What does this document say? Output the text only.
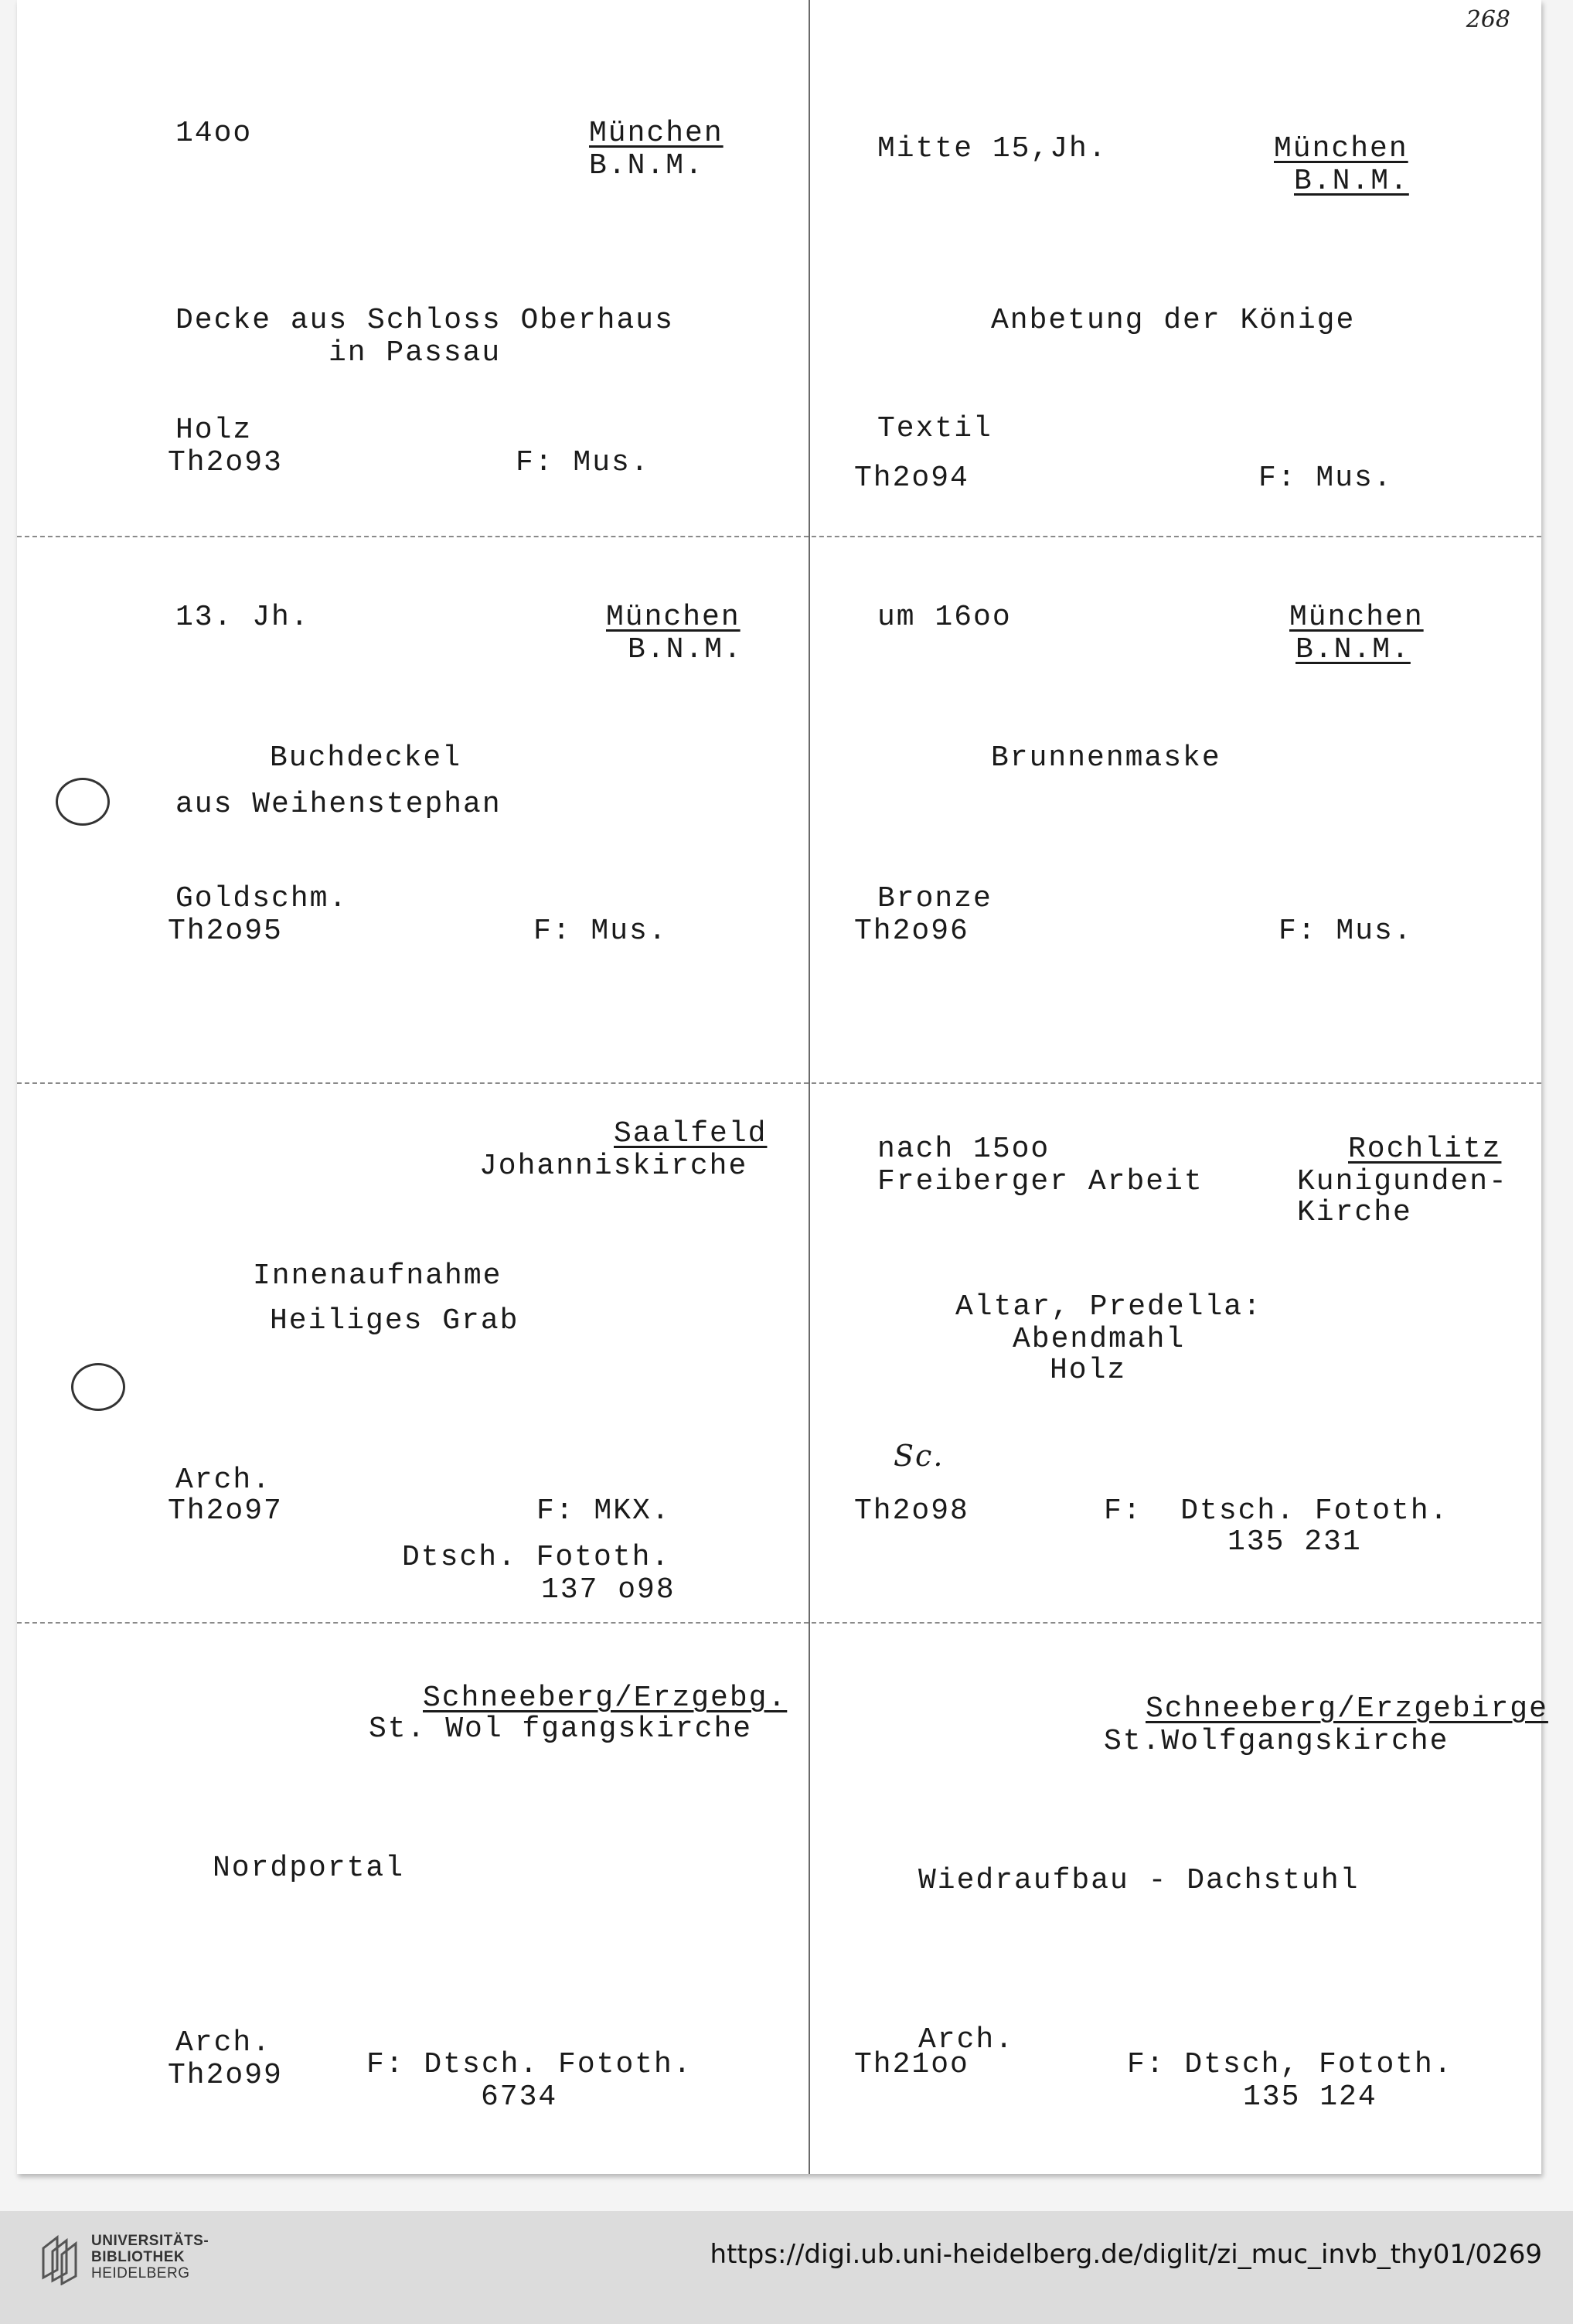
268
14oo	München
B.N.M.
Decke aus Schloss Oberhaus
in Passau
Holz
Th2o93	F: Mus.
Mitte 15,Jh.	München
B.N.M.
Anbetung der Könige
Textil
Th2o94	F: Mus.
13. Jh.	München
B.N.M.
Buchdeckel
aus Weihenstephan
Goldschm.
Th2o95	F: Mus.
um 16oo	München
B.N.M.
Brunnenmaske
Bronze
Th2o96	F: Mus.
Saalfeld
Johanniskirche
Innenaufnahme
Heiliges Grab
Arch.
Th2o97	F: MKX.
Dtsch. Fototh.
137 o98
nach 15oo
Freiberger Arbeit
Rochlitz
Kunigunden-
Kirche
Altar, Predella:
Abendmahl
Holz
Sc.
Th2o98	F:  Dtsch. Fototh.
135 231
Schneeberg/Erzgebg.
St. Wol fgangskirche
Nordportal
Arch.
Th2o99	F: Dtsch. Fototh.
6734
Schneeberg/Erzgebirge
St.Wolfgangskirche
Wiedraufbau - Dachstuhl
Arch.
Th21oo	F: Dtsch, Fototh.
135 124
UNIVERSITÄTS-
BIBLIOTHEK
HEIDELBERG
https://digi.ub.uni-heidelberg.de/diglit/zi_muc_invb_thy01/0269
